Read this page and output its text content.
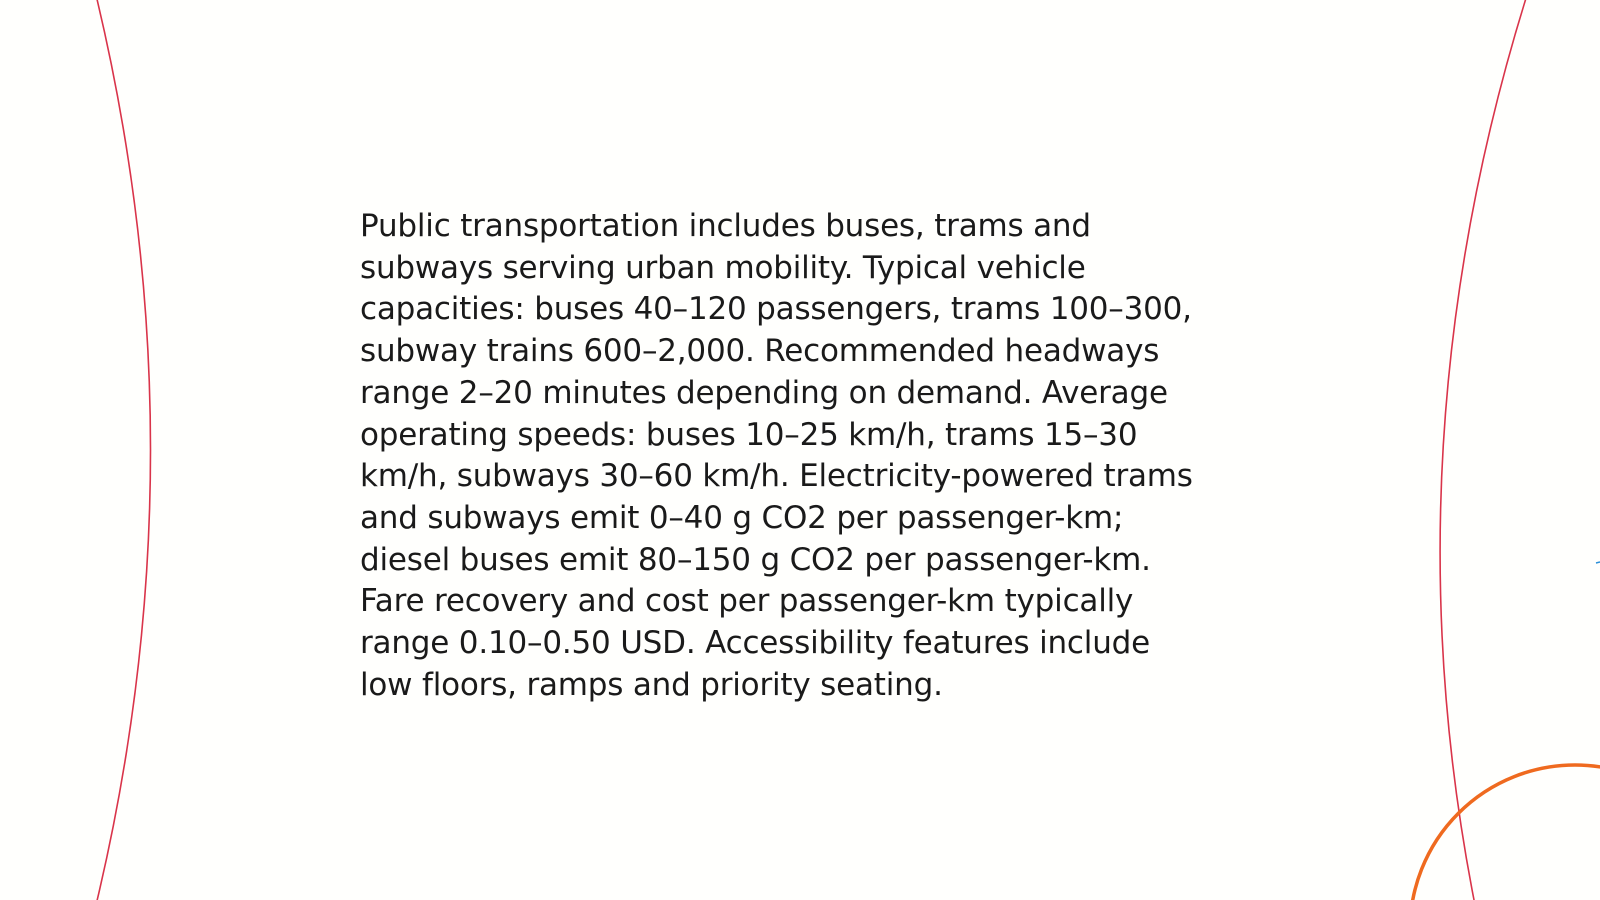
Public transportation includes buses, trams and
subways serving urban mobility. Typical vehicle
capacities: buses 40–120 passengers, trams 100–300,
subway trains 600–2,000. Recommended headways
range 2–20 minutes depending on demand. Average
operating speeds: buses 10–25 km/h, trams 15–30
km/h, subways 30–60 km/h. Electricity-powered trams
and subways emit 0–40 g CO2 per passenger-km;
diesel buses emit 80–150 g CO2 per passenger-km.
Fare recovery and cost per passenger-km typically
range 0.10–0.50 USD. Accessibility features include
low floors, ramps and priority seating.
